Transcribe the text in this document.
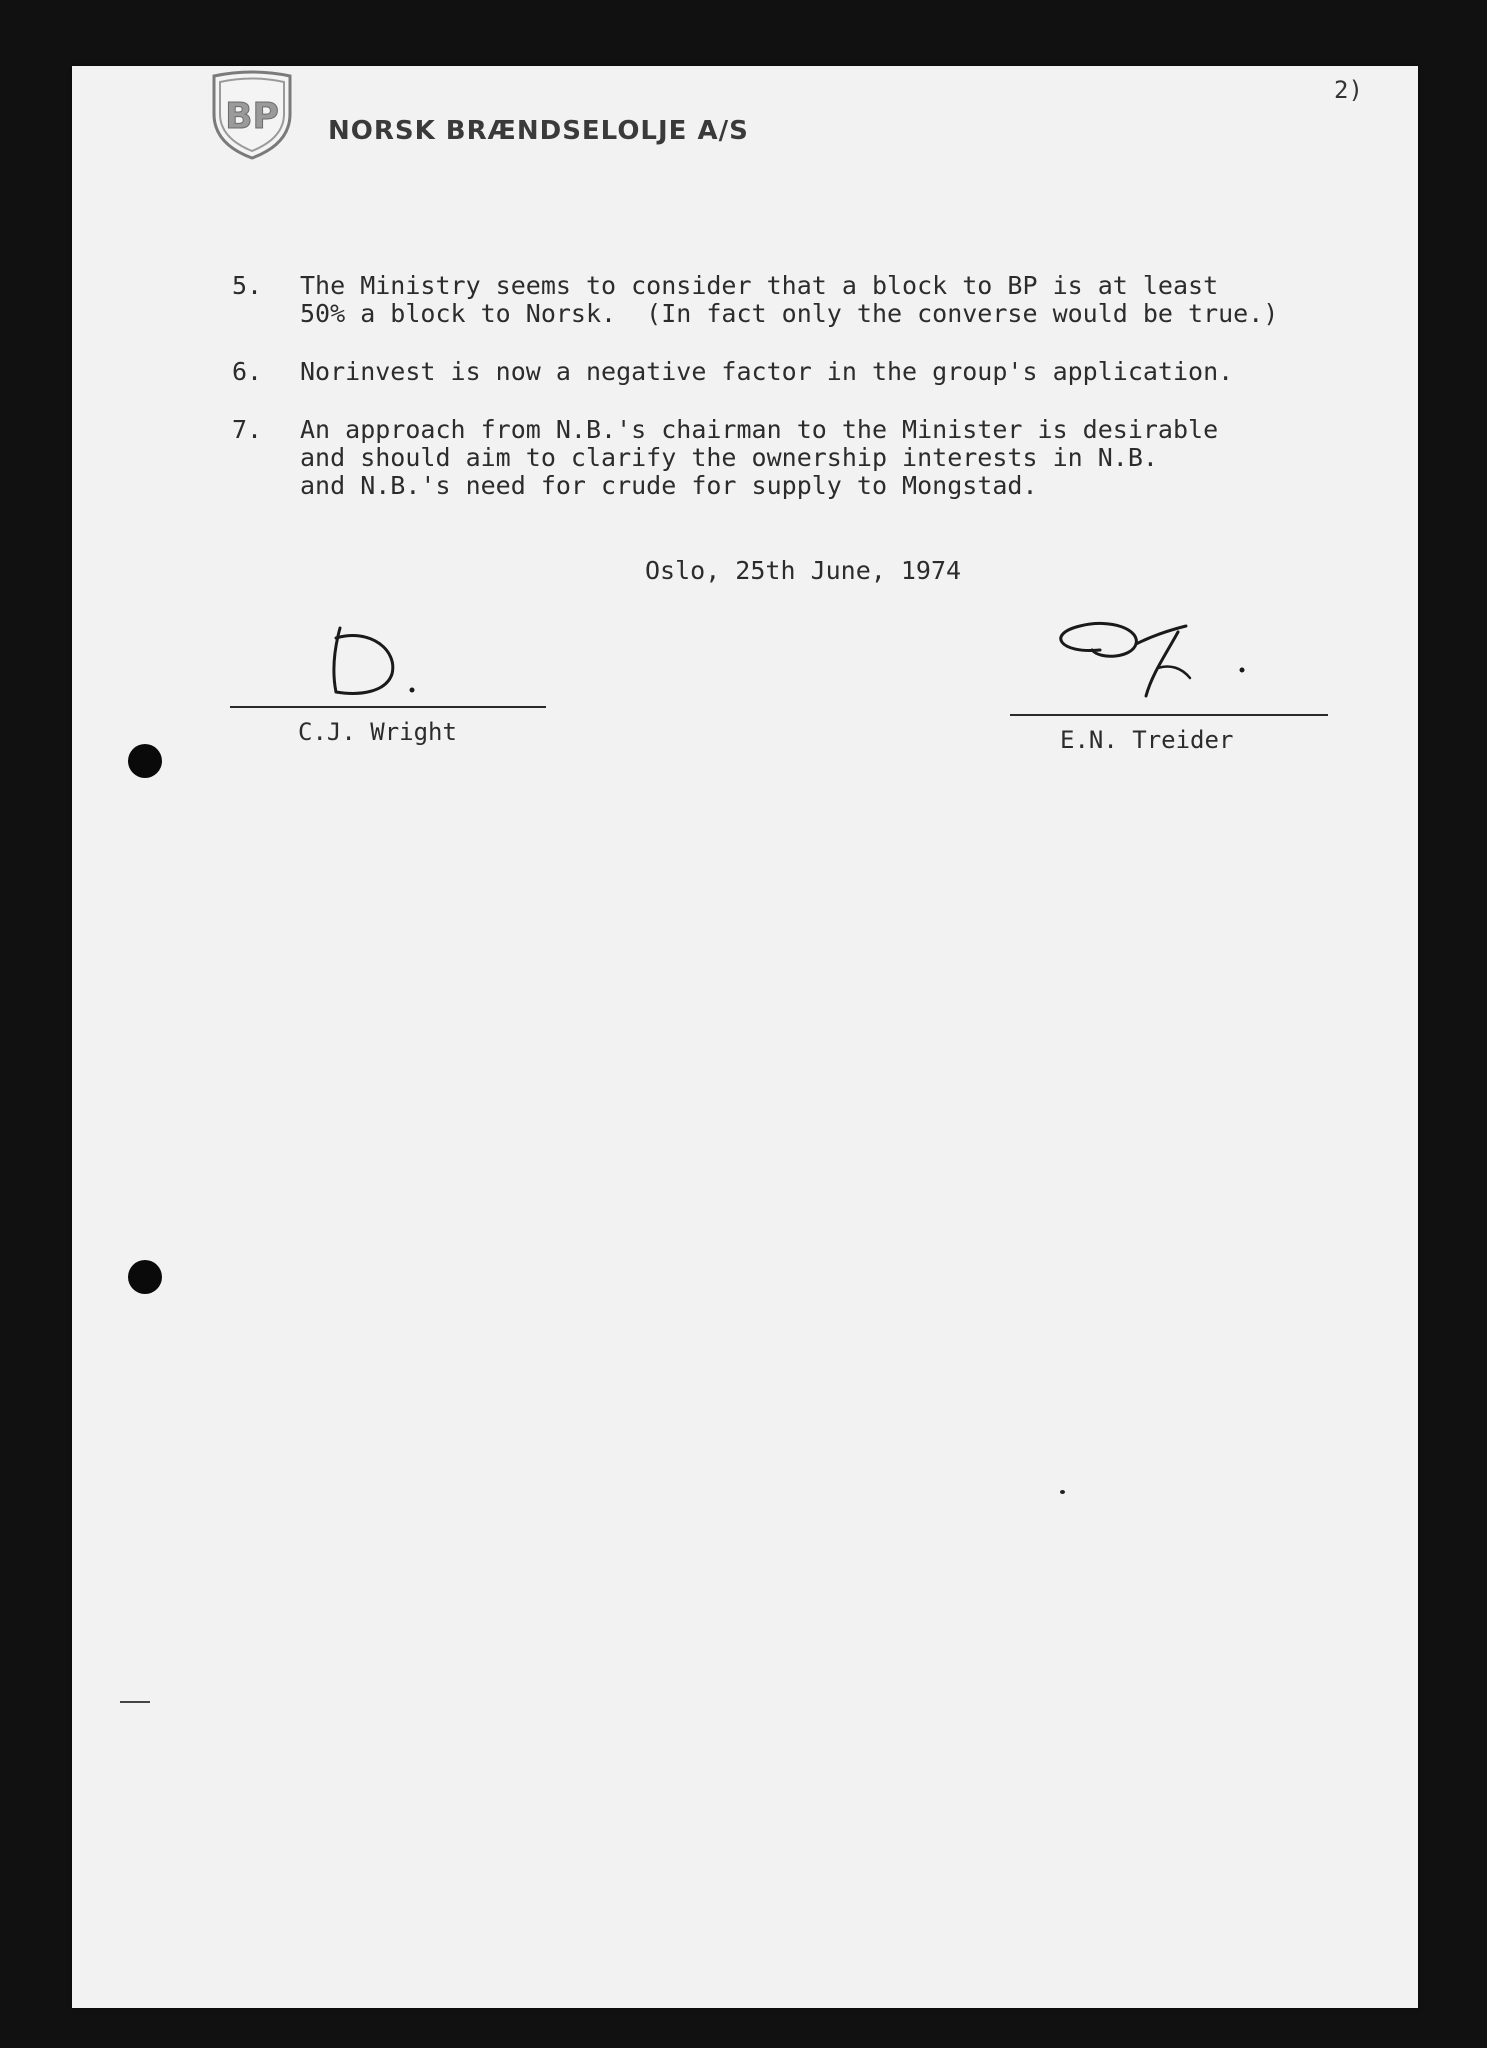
BP NORSK BRÆNDSELOLJE A/S
2)
5. The Ministry seems to consider that a block to BP is at least
50% a block to Norsk.  (In fact only the converse would be true.)
6. Norinvest is now a negative factor in the group's application.
7. An approach from N.B.'s chairman to the Minister is desirable
and should aim to clarify the ownership interests in N.B.
and N.B.'s need for crude for supply to Mongstad.
Oslo, 25th June, 1974
C.J. Wright	E.N. Treider
